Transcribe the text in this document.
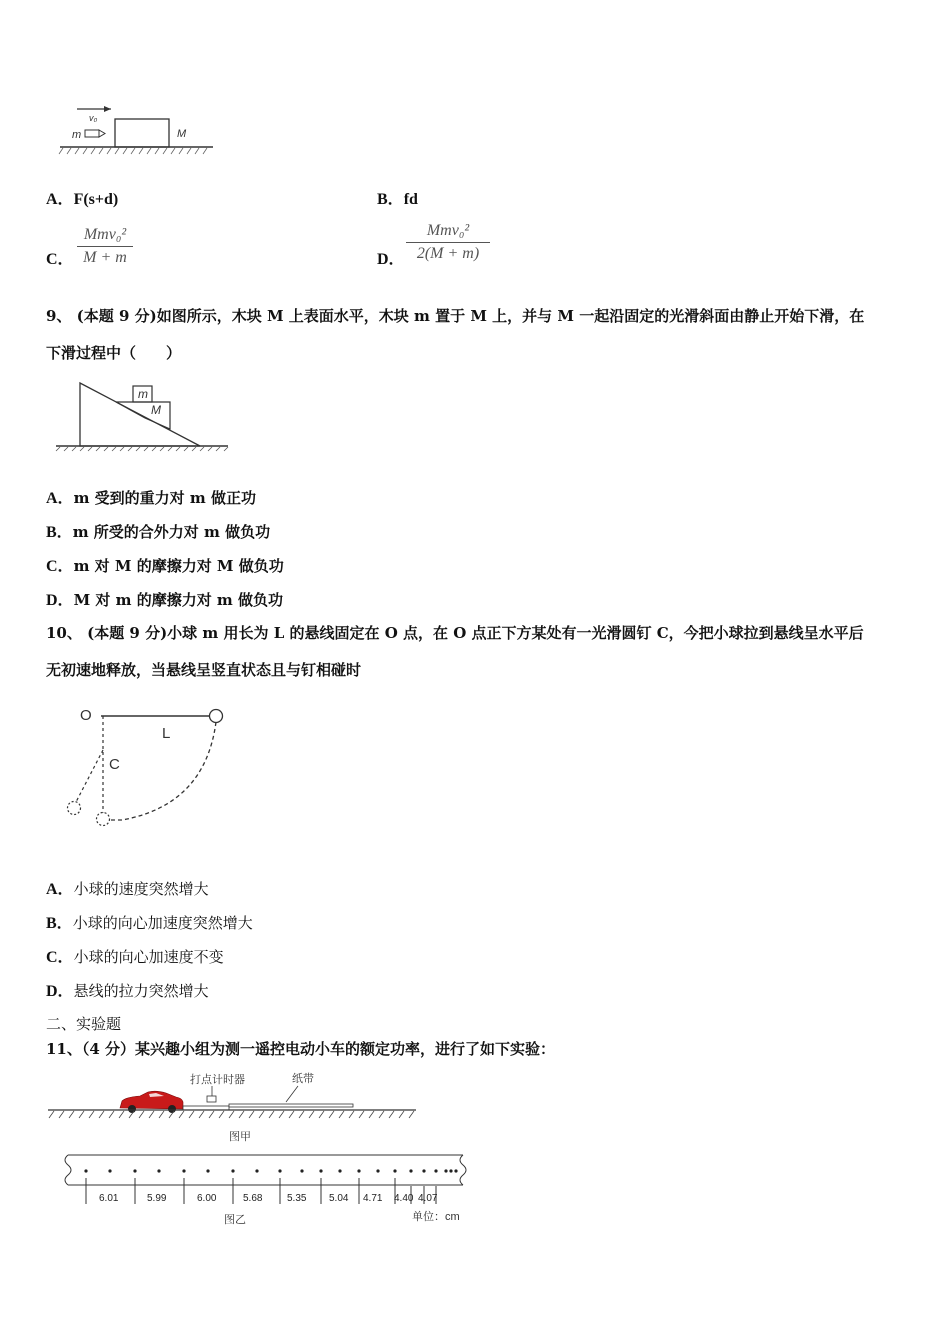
v₀
m	M
A．F(s+d)	B．fd
C．
Mmv₀²
M + m	D．
Mmv₀²
2(M + m)
9、 (本题 9 分)如图所示，木块 M 上表面水平，木块 m 置于 M 上，并与 M 一起沿固定的光滑斜面由静止开始下滑，在
下滑过程中（　　）
m
M
A．m 受到的重力对 m 做正功
B．m 所受的合外力对 m 做负功
C．m 对 M 的摩擦力对 M 做负功
D．M 对 m 的摩擦力对 m 做负功
10、 (本题 9 分)小球 m 用长为 L 的悬线固定在 O 点，在 O 点正下方某处有一光滑圆钉 C，今把小球拉到悬线呈水平后
无初速地释放，当悬线呈竖直状态且与钉相碰时
O
L
C
A．小球的速度突然增大
B．小球的向心加速度突然增大
C．小球的向心加速度不变
D．悬线的拉力突然增大
二、实验题
11、（4 分）某兴趣小组为测一遥控电动小车的额定功率，进行了如下实验：
打点计时器	纸带
图甲
6.01	5.99	6.00	5.68 5.35 5.04 4.71 4.40 4.07
图乙	单位：cm
